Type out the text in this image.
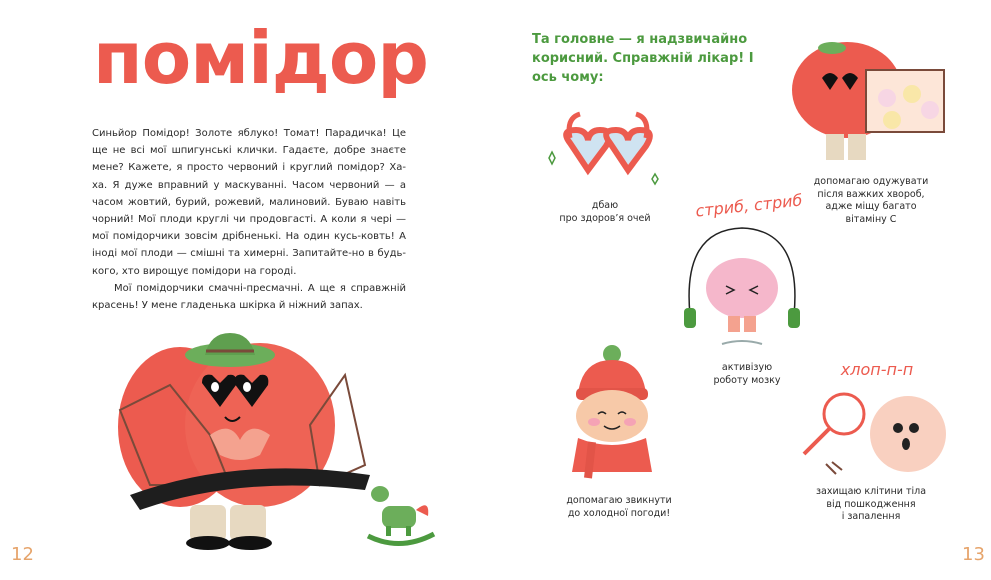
помідор

Синьйор Помідор! Золоте яблуко! Томат! Парадичка! Це ще не всі мої шпигунські клички. Гадаєте, добре знаєте мене? Кажете, я просто червоний і круглий помідор? Ха-ха. Я дуже вправний у маскуванні. Часом червоний — а часом жовтий, бурий, рожевий, малиновий. Буваю навіть чорний! Мої плоди круглі чи продовгасті. А коли я чері — мої помідорчики зовсім дрібненькі. На один кусь-ковть! А іноді мої плоди — смішні та химерні. Запитайте-но в будь-кого, хто вирощує помідори на городі.

Мої помідорчики смачні-пресмачні. А ще я справжній красень! У мене гладенька шкірка й ніжний запах.

12

Та головне — я надзвичайно корисний. Справжній лікар! І ось чому:

дбаю
про здоров’я очей

допомагаю одужувати
після важких хвороб,
адже міщу багато
вітаміну С

стриб, стриб

активізую
роботу мозку

допомагаю звикнути
до холодної погоди!

хлоп-п-п

захищаю клітини тіла
від пошкодження
і запалення

13
